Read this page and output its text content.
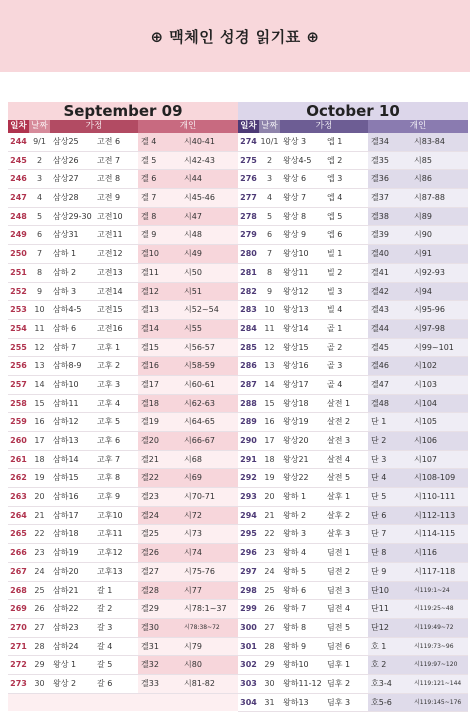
⊕ 맥체인 성경 읽기표 ⊕
September 09
일차 날짜	가정	개인
244 9/1 삼상25	고전 6	겔 4	시40-41
245	2	삼상26	고전 7	겔 5	시42-43
246	3	삼상27	고전 8	겔 6	시44
247	4	삼상28	고전 9	겔 7	시45-46
248	5	삼상29-30 고전10	겔 8	시47
249	6	삼상31	고전11	겔 9	시48
250	7	삼하 1	고전12	겔10	시49
251	8	삼하 2	고전13	겔11	시50
252	9	삼하 3	고전14	겔12	시51
253 10	삼하4-5	고전15	겔13	시52~54
254 11	삼하 6	고전16	겔14	시55
255 12	삼하 7	고후 1	겔15	시56-57
256 13	삼하8-9	고후 2	겔16	시58-59
257 14	삼하10	고후 3	겔17	시60-61
258 15	삼하11	고후 4	겔18	시62-63
259 16	삼하12	고후 5	겔19	시64-65
260 17	삼하13	고후 6	겔20	시66-67
261 18	삼하14	고후 7	겔21	시68
262 19	삼하15	고후 8	겔22	시69
263 20	삼하16	고후 9	겔23	시70-71
264 21	삼하17	고후10	겔24	시72
265 22	삼하18	고후11	겔25	시73
266 23	삼하19	고후12	겔26	시74
267 24	삼하20	고후13	겔27	시75-76
268 25	삼하21	갈 1	겔28	시77
269 26	삼하22	갈 2	겔29	시78:1~37
270 27	삼하23	갈 3	겔30	시78:38~72
271 28	삼하24	갈 4	겔31	시79
272 29	왕상 1	갈 5	겔32	시80
273 30	왕상 2	갈 6	겔33	시81-82
October 10
일차 날짜	가정	개인
274 10/1 왕상 3	엡 1	겔34	시83-84
275	2	왕상4-5	엡 2	겔35	시85
276	3	왕상 6	엡 3	겔36	시86
277	4	왕상 7	엡 4	겔37	시87-88
278	5	왕상 8	엡 5	겔38	시89
279	6	왕상 9	엡 6	겔39	시90
280	7	왕상10	빌 1	겔40	시91
281	8	왕상11	빌 2	겔41	시92-93
282	9	왕상12	빌 3	겔42	시94
283 10	왕상13	빌 4	겔43	시95-96
284 11	왕상14	골 1	겔44	시97-98
285 12	왕상15	골 2	겔45	시99~101
286 13	왕상16	골 3	겔46	시102
287 14	왕상17	골 4	겔47	시103
288 15	왕상18	살전 1	겔48	시104
289 16	왕상19	살전 2	단 1	시105
290 17	왕상20	살전 3	단 2	시106
291 18	왕상21	살전 4	단 3	시107
292 19	왕상22	살전 5	단 4	시108-109
293 20	왕하 1	살후 1	단 5	시110-111
294 21	왕하 2	살후 2	단 6	시112-113
295 22	왕하 3	살후 3	단 7	시114-115
296 23	왕하 4	딤전 1	단 8	시116
297 24	왕하 5	딤전 2	단 9	시117-118
298 25	왕하 6	딤전 3	단10	시119:1~24
299 26	왕하 7	딤전 4	단11	시119:25~48
300 27	왕하 8	딤전 5	단12	시119:49~72
301 28	왕하 9	딤전 6	호 1	시119:73~96
302 29	왕하10	딤후 1	호 2	시119:97~120
303 30	왕하11-12 딤후 2	호3-4	시119:121~144
304 31	왕하13	딤후 3	호5-6	시119:145~176
